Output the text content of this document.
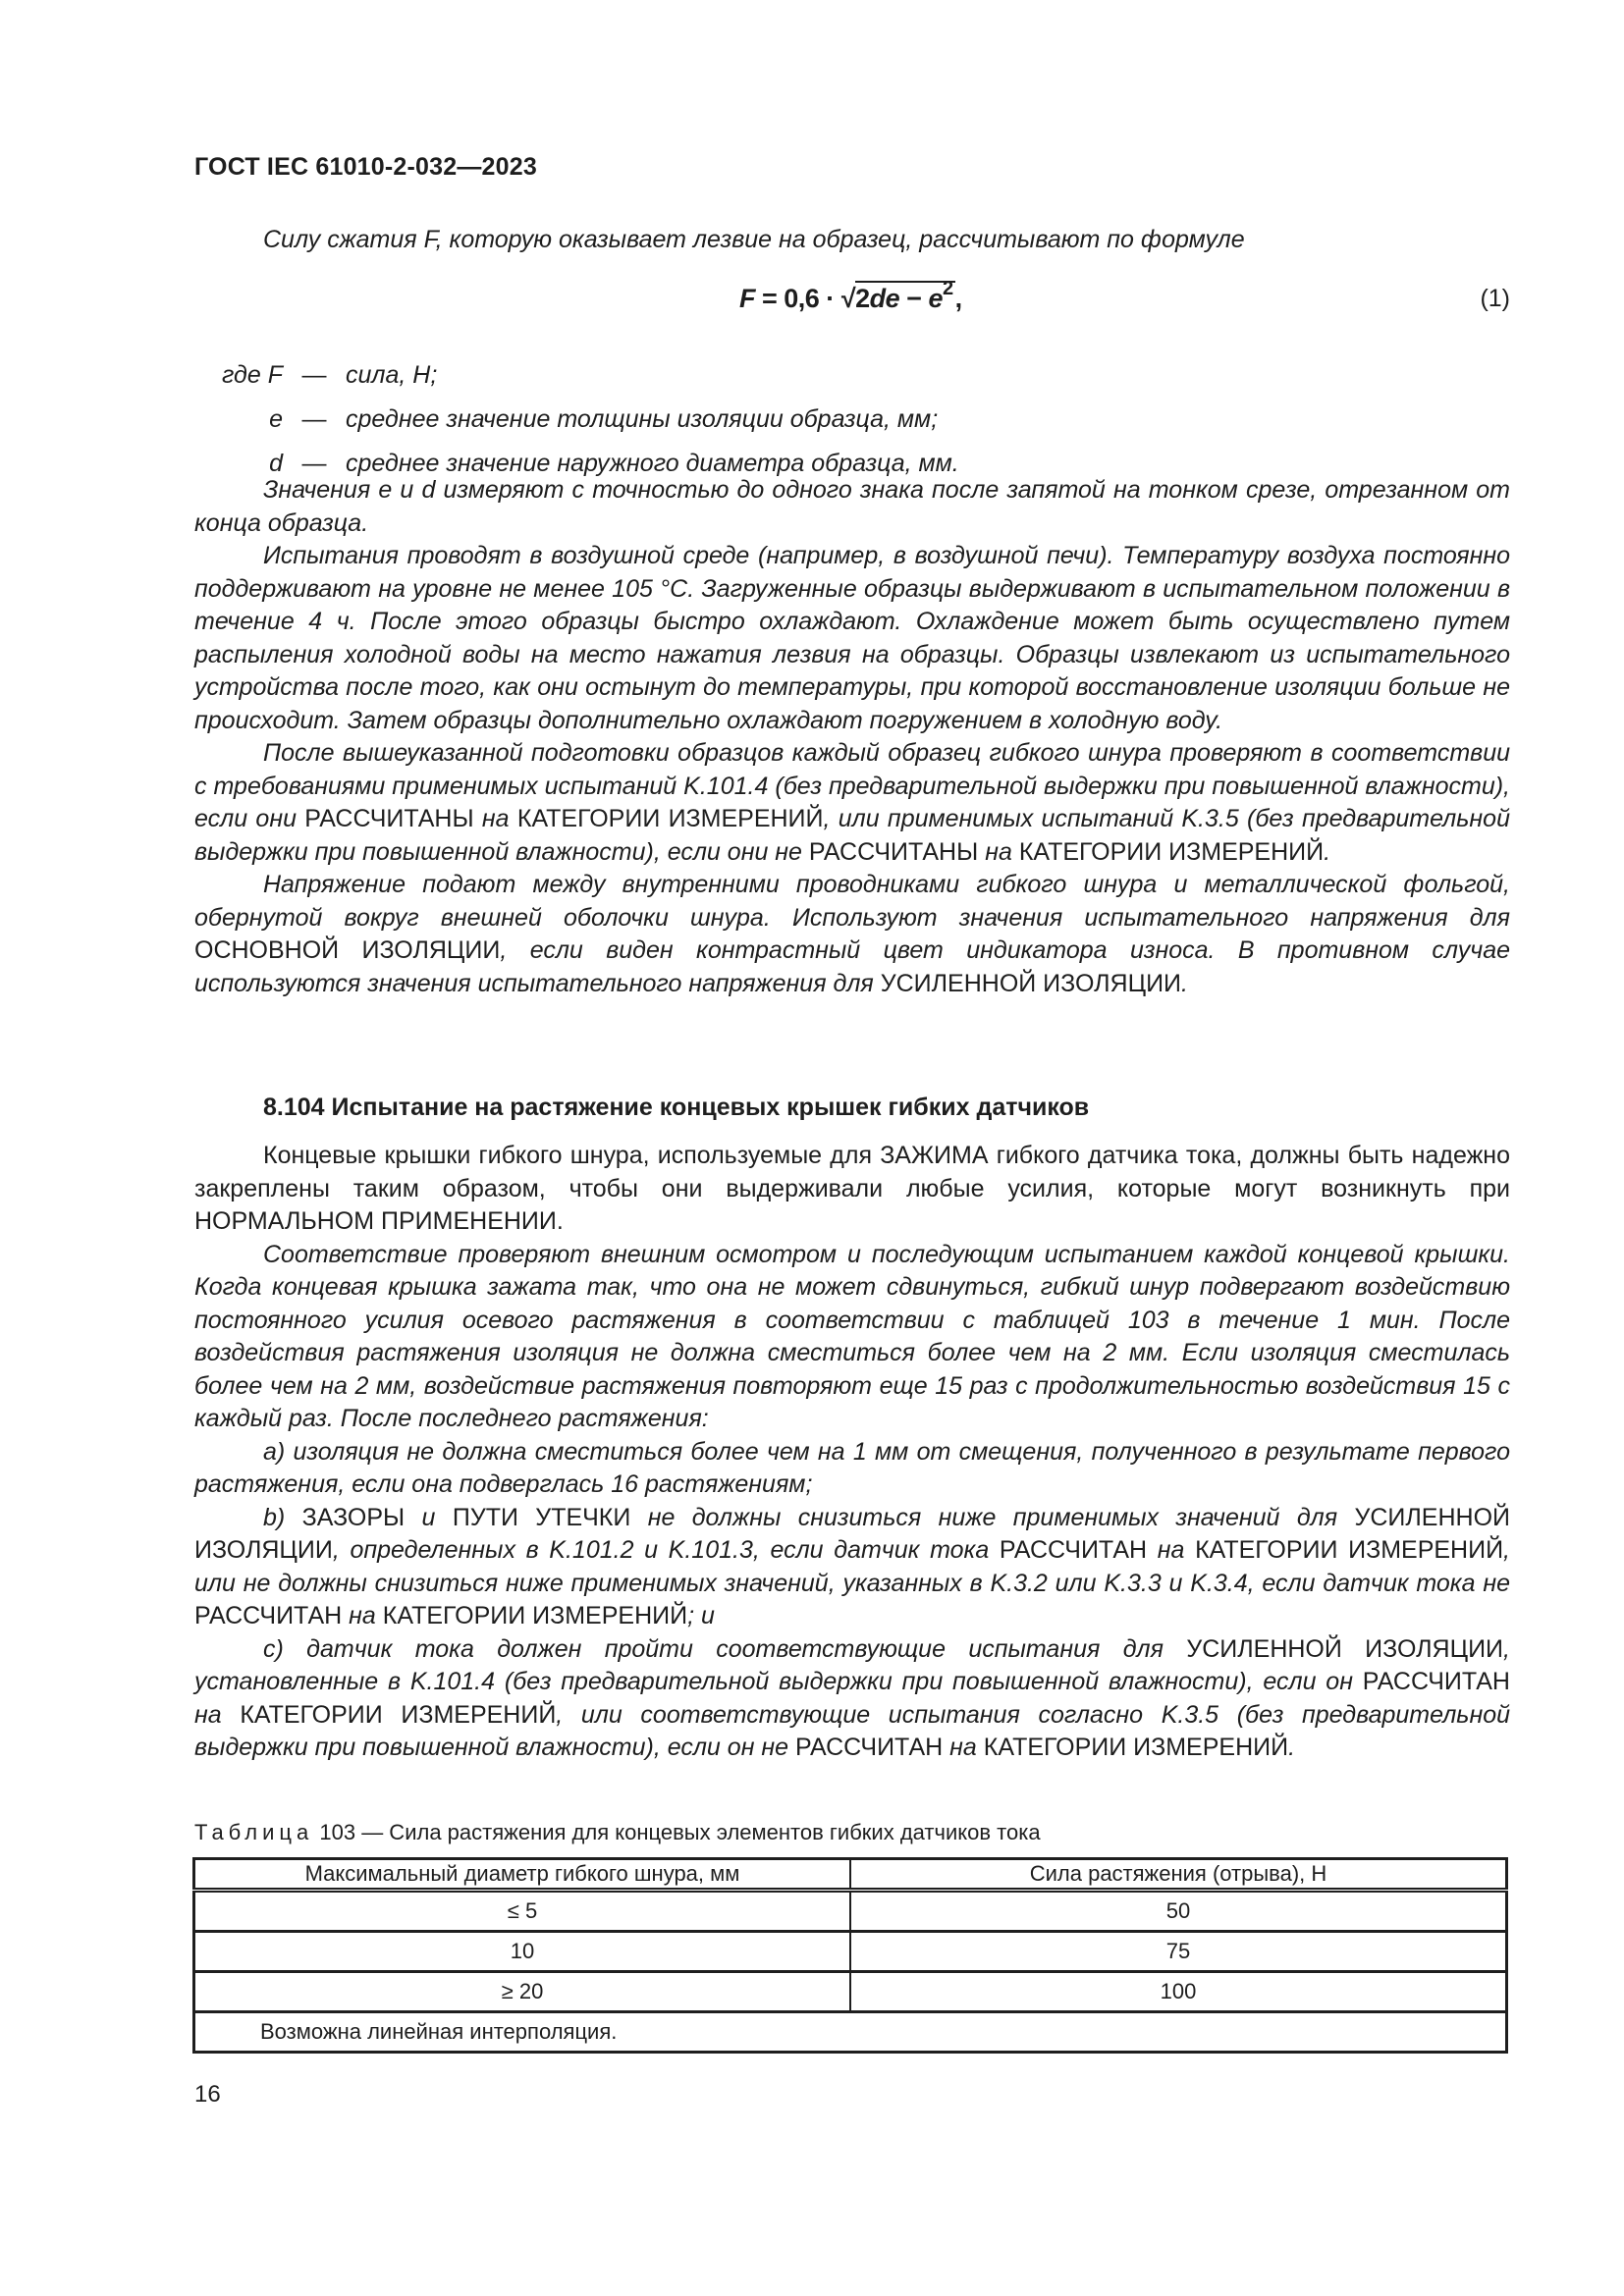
ГОСТ IEC 61010-2-032—2023

Силу сжатия F, которую оказывает лезвие на образец, рассчитывают по формуле

$F = 0,6 \cdot √2de - e^2$,	(1)
где F — сила, Н;
e — среднее значение толщины изоляции образца, мм;
d — среднее значение наружного диаметра образца, мм.

Значения e и d измеряют с точностью до одного знака после запятой на тонком срезе, отрезанном от конца образца.

Испытания проводят в воздушной среде (например, в воздушной печи). Температуру воздуха постоянно поддерживают на уровне не менее 105 °С. Загруженные образцы выдерживают в испытательном положении в течение 4 ч. После этого образцы быстро охлаждают. Охлаждение может быть осуществлено путем распыления холодной воды на место нажатия лезвия на образцы. Образцы извлекают из испытательного устройства после того, как они остынут до температуры, при которой восстановление изоляции больше не происходит. Затем образцы дополнительно охлаждают погружением в холодную воду.

После вышеуказанной подготовки образцов каждый образец гибкого шнура проверяют в соответствии с требованиями применимых испытаний K.101.4 (без предварительной выдержки при повышенной влажности), если они РАССЧИТАНЫ на КАТЕГОРИИ ИЗМЕРЕНИЙ, или применимых испытаний K.3.5 (без предварительной выдержки при повышенной влажности), если они не РАССЧИТАНЫ на КАТЕГОРИИ ИЗМЕРЕНИЙ.

Напряжение подают между внутренними проводниками гибкого шнура и металлической фольгой, обернутой вокруг внешней оболочки шнура. Используют значения испытательного напряжения для ОСНОВНОЙ ИЗОЛЯЦИИ, если виден контрастный цвет индикатора износа. В противном случае используются значения испытательного напряжения для УСИЛЕННОЙ ИЗОЛЯЦИИ.

8.104 Испытание на растяжение концевых крышек гибких датчиков

Концевые крышки гибкого шнура, используемые для ЗАЖИМА гибкого датчика тока, должны быть надежно закреплены таким образом, чтобы они выдерживали любые усилия, которые могут возникнуть при НОРМАЛЬНОМ ПРИМЕНЕНИИ.

Соответствие проверяют внешним осмотром и последующим испытанием каждой концевой крышки. Когда концевая крышка зажата так, что она не может сдвинуться, гибкий шнур подвергают воздействию постоянного усилия осевого растяжения в соответствии с таблицей 103 в течение 1 мин. После воздействия растяжения изоляция не должна сместиться более чем на 2 мм. Если изоляция сместилась более чем на 2 мм, воздействие растяжения повторяют еще 15 раз с продолжительностью воздействия 15 с каждый раз. После последнего растяжения:

а) изоляция не должна сместиться более чем на 1 мм от смещения, полученного в результате первого растяжения, если она подверглась 16 растяжениям;

b) ЗАЗОРЫ и ПУТИ УТЕЧКИ не должны снизиться ниже применимых значений для УСИЛЕННОЙ ИЗОЛЯЦИИ, определенных в K.101.2 и K.101.3, если датчик тока РАССЧИТАН на КАТЕГОРИИ ИЗМЕРЕНИЙ, или не должны снизиться ниже применимых значений, указанных в K.3.2 или K.3.3 и K.3.4, если датчик тока не РАССЧИТАН на КАТЕГОРИИ ИЗМЕРЕНИЙ; и

c) датчик тока должен пройти соответствующие испытания для УСИЛЕННОЙ ИЗОЛЯЦИИ, установленные в K.101.4 (без предварительной выдержки при повышенной влажности), если он РАССЧИТАН на КАТЕГОРИИ ИЗМЕРЕНИЙ, или соответствующие испытания согласно K.3.5 (без предварительной выдержки при повышенной влажности), если он не РАССЧИТАН на КАТЕГОРИИ ИЗМЕРЕНИЙ.

Таблица 103 — Сила растяжения для концевых элементов гибких датчиков тока
Максимальный диаметр гибкого шнура, мм	Сила растяжения (отрыва), Н
≤ 5	50
10	75
≥ 20	100
Возможна линейная интерполяция.	
16
